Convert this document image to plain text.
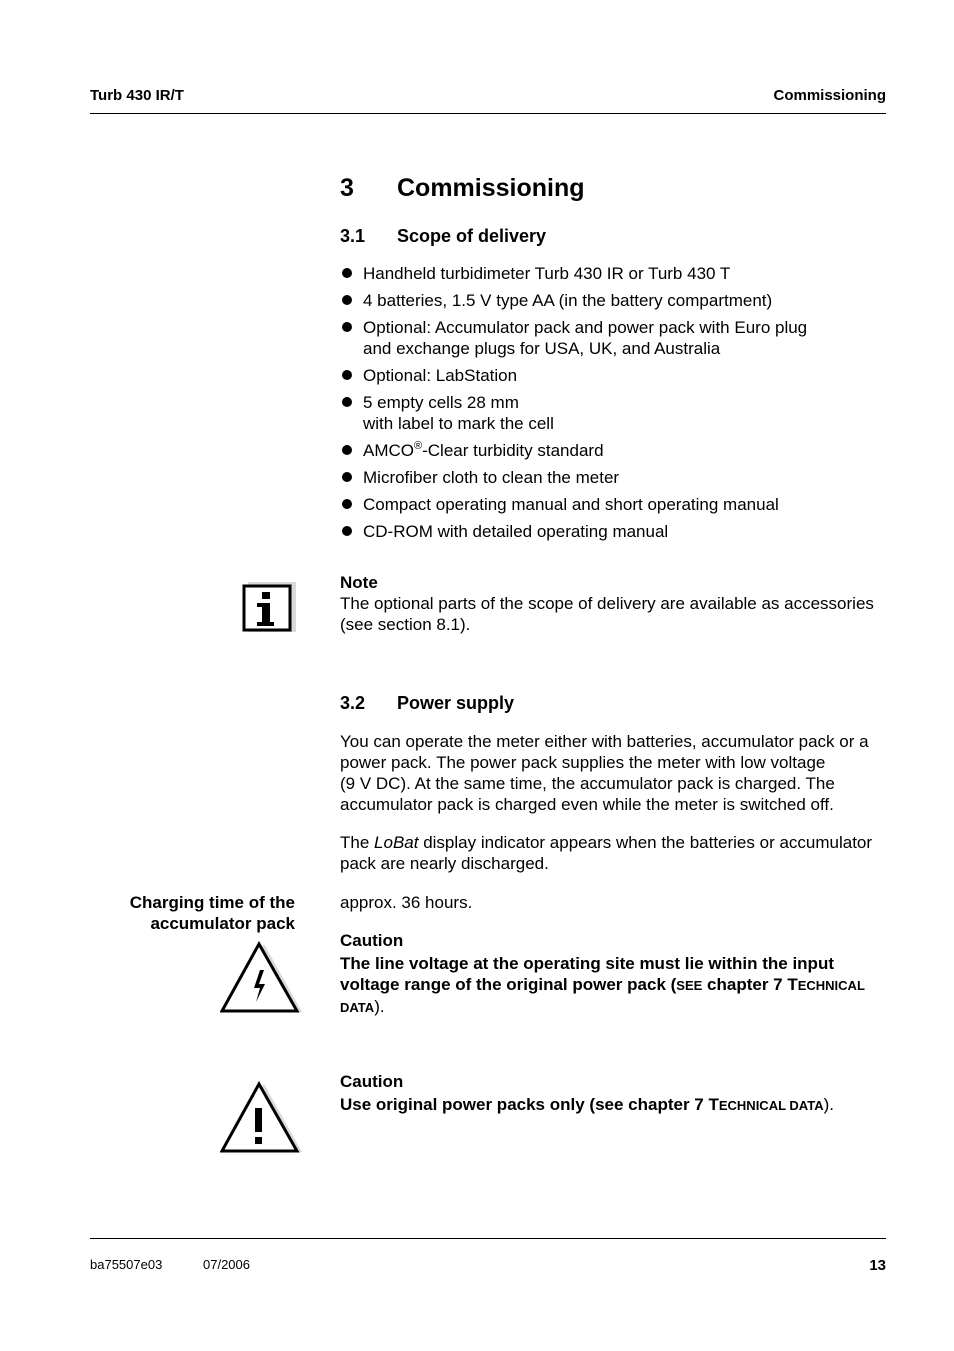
Turb 430 IR/T	Commissioning
3 Commissioning
3.1 Scope of delivery
Handheld turbidimeter Turb 430 IR or Turb 430 T
4 batteries, 1.5 V type AA (in the battery compartment)
Optional: Accumulator pack and power pack with Euro plug
and exchange plugs for USA, UK, and Australia
Optional: LabStation
5 empty cells 28 mm
with label to mark the cell
AMCO®-Clear turbidity standard
Microfiber cloth to clean the meter
Compact operating manual and short operating manual
CD-ROM with detailed operating manual
Note
The optional parts of the scope of delivery are available as accessories
(see section 8.1).
3.2 Power supply
You can operate the meter either with batteries, accumulator pack or a
power pack. The power pack supplies the meter with low voltage
(9 V DC). At the same time, the accumulator pack is charged. The
accumulator pack is charged even while the meter is switched off.
The LoBat display indicator appears when the batteries or accumulator
pack are nearly discharged.
Charging time of the
accumulator pack
approx. 36 hours.
Caution
The line voltage at the operating site must lie within the input
voltage range of the original power pack (SEE chapter 7 TECHNICAL
DATA).
Caution
Use original power packs only (see chapter 7 TECHNICAL DATA).
ba75507e03	07/2006	13
